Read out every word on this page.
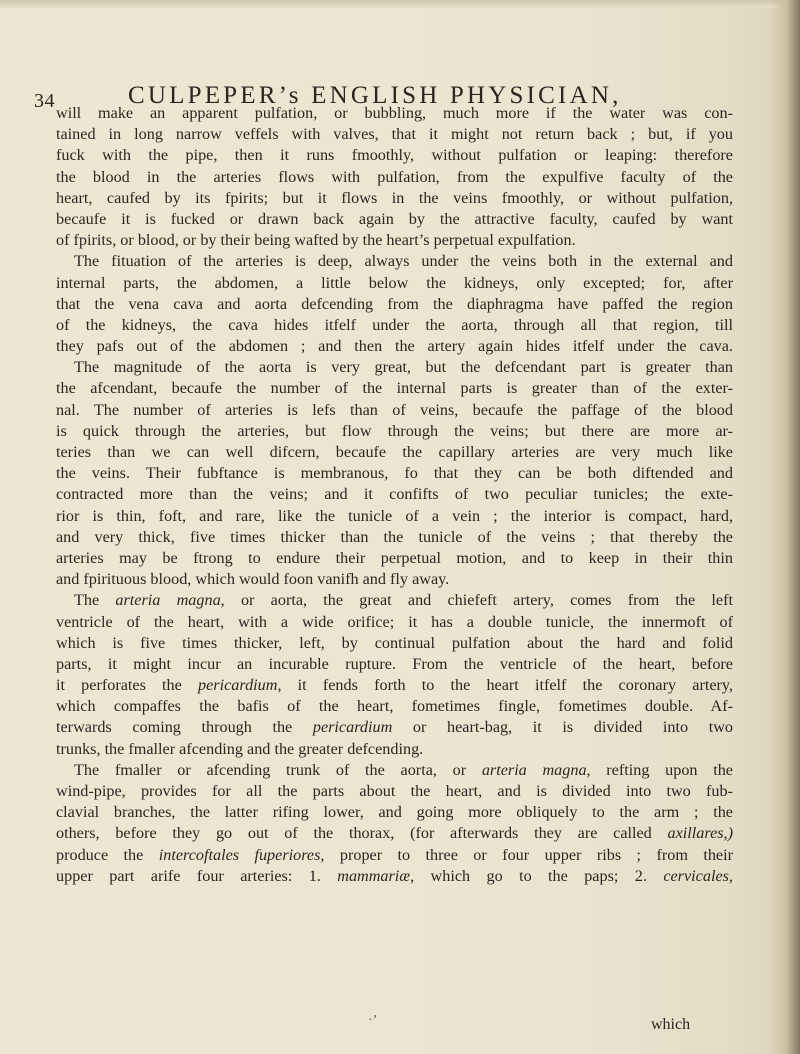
34	CULPEPER’s ENGLISH PHYSICIAN,
will make an apparent pulfation, or bubbling, much more if the water was con-
tained in long narrow veffels with valves, that it might not return back ; but, if you
fuck with the pipe, then it runs fmoothly, without pulfation or leaping: therefore
the blood in the arteries flows with pulfation, from the expulfive faculty of the
heart, caufed by its fpirits; but it flows in the veins fmoothly, or without pulfation,
becaufe it is fucked or drawn back again by the attractive faculty, caufed by want
of fpirits, or blood, or by their being wafted by the heart’s perpetual expulfation.
The fituation of the arteries is deep, always under the veins both in the external and
internal parts, the abdomen, a little below the kidneys, only excepted; for, after
that the vena cava and aorta defcending from the diaphragma have paffed the region
of the kidneys, the cava hides itfelf under the aorta, through all that region, till
they pafs out of the abdomen ; and then the artery again hides itfelf under the cava.
The magnitude of the aorta is very great, but the defcendant part is greater than
the afcendant, becaufe the number of the internal parts is greater than of the exter-
nal. The number of arteries is lefs than of veins, becaufe the paffage of the blood
is quick through the arteries, but flow through the veins; but there are more ar-
teries than we can well difcern, becaufe the capillary arteries are very much like
the veins. Their fubftance is membranous, fo that they can be both diftended and
contracted more than the veins; and it confifts of two peculiar tunicles; the exte-
rior is thin, foft, and rare, like the tunicle of a vein ; the interior is compact, hard,
and very thick, five times thicker than the tunicle of the veins ; that thereby the
arteries may be ftrong to endure their perpetual motion, and to keep in their thin
and fpirituous blood, which would foon vanifh and fly away.
The arteria magna, or aorta, the great and chiefeft artery, comes from the left
ventricle of the heart, with a wide orifice; it has a double tunicle, the innermoft of
which is five times thicker, left, by continual pulfation about the hard and folid
parts, it might incur an incurable rupture. From the ventricle of the heart, before
it perforates the pericardium, it fends forth to the heart itfelf the coronary artery,
which compaffes the bafis of the heart, fometimes fingle, fometimes double. Af-
terwards coming through the pericardium or heart-bag, it is divided into two
trunks, the fmaller afcending and the greater defcending.
The fmaller or afcending trunk of the aorta, or arteria magna, refting upon the
wind-pipe, provides for all the parts about the heart, and is divided into two fub-
clavial branches, the latter rifing lower, and going more obliquely to the arm ; the
others, before they go out of the thorax, (for afterwards they are called axillares,)
produce the intercoftales fuperiores, proper to three or four upper ribs ; from their
upper part arife four arteries: 1. mammariæ, which go to the paps; 2. cervicales,
·’	which
